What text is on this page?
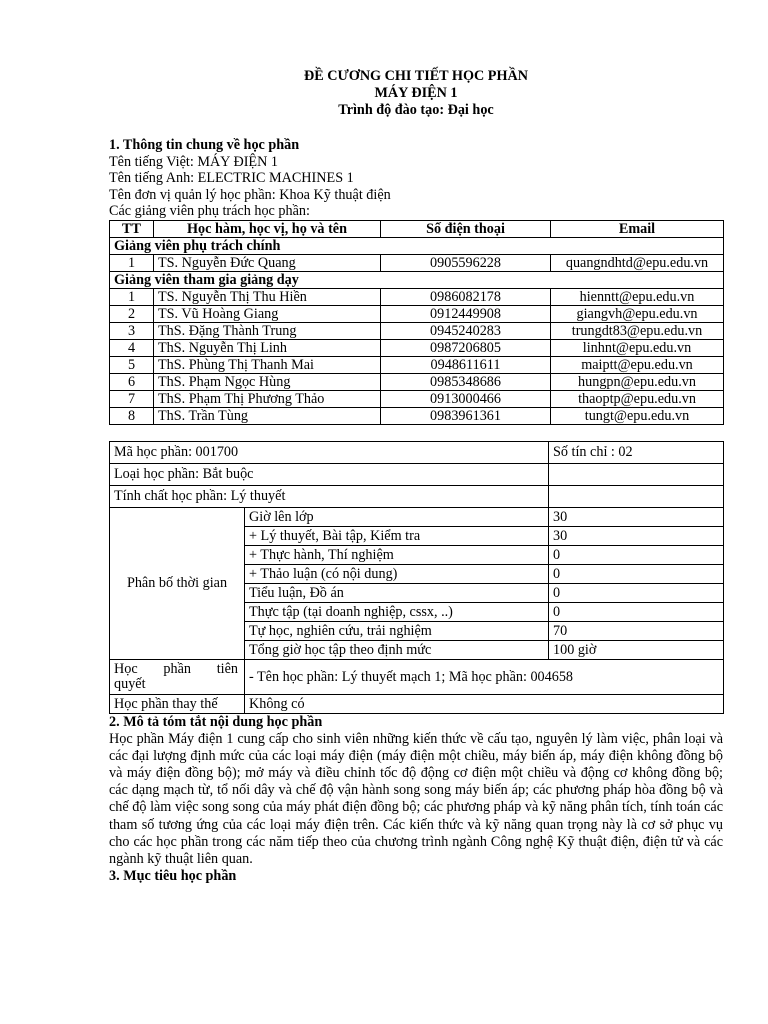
ĐỀ CƯƠNG CHI TIẾT HỌC PHẦN
MÁY ĐIỆN 1
Trình độ đào tạo: Đại học
1. Thông tin chung về học phần
Tên tiếng Việt: MÁY ĐIỆN 1
Tên tiếng Anh: ELECTRIC MACHINES 1
Tên đơn vị quản lý học phần: Khoa Kỹ thuật điện
Các giảng viên phụ trách học phần:
TT	Học hàm, học vị, họ và tên	Số điện thoại	Email
Giảng viên phụ trách chính			
1	TS. Nguyễn Đức Quang	0905596228	quangndhtd@epu.edu.vn
Giảng viên tham gia giảng dạy			
1	TS. Nguyễn Thị Thu Hiền	0986082178	hienntt@epu.edu.vn
2	TS. Vũ Hoàng Giang	0912449908	giangvh@epu.edu.vn
3	ThS. Đặng Thành Trung	0945240283	trungdt83@epu.edu.vn
4	ThS. Nguyễn Thị Linh	0987206805	linhnt@epu.edu.vn
5	ThS. Phùng Thị Thanh Mai	0948611611	maiptt@epu.edu.vn
6	ThS. Phạm Ngọc Hùng	0985348686	hungpn@epu.edu.vn
7	ThS. Phạm Thị Phương Thảo	0913000466	thaoptp@epu.edu.vn
8	ThS. Trần Tùng	0983961361	tungt@epu.edu.vn
Mã học phần: 001700		Số tín chỉ : 02
Loại học phần: Bắt buộc		
Tính chất học phần: Lý thuyết		
Phân bố thời gian	Giờ lên lớp	30
	+ Lý thuyết, Bài tập, Kiểm tra	30
	+ Thực hành, Thí nghiệm	0
	+ Thảo luận (có nội dung)	0
	Tiểu luận, Đồ án	0
	Thực tập (tại doanh nghiệp, cssx, ..)	0
	Tự học, nghiên cứu, trải nghiệm	70
	Tổng giờ học tập theo định mức	100 giờ

Học phần tiên
quyết	- Tên học phần: Lý thuyết mạch 1; Mã học phần: 004658	
Học phần thay thế	Không có	
2. Mô tả tóm tắt nội dung học phần
Học phần Máy điện 1 cung cấp cho sinh viên những kiến thức về cấu tạo, nguyên lý làm việc, phân loại và các đại lượng định mức của các loại máy điện (máy điện một chiều, máy biến áp, máy điện không đồng bộ và máy điện đồng bộ); mở máy và điều chỉnh tốc độ động cơ điện một chiều và động cơ không đồng bộ; các dạng mạch từ, tổ nối dây và chế độ vận hành song song máy biến áp; các phương pháp hòa đồng bộ và chế độ làm việc song song của máy phát điện đồng bộ; các phương pháp và kỹ năng phân tích, tính toán các tham số tương ứng của các loại máy điện trên. Các kiến thức và kỹ năng quan trọng này là cơ sở phục vụ cho các học phần trong các năm tiếp theo của chương trình ngành Công nghệ Kỹ thuật điện, điện tử và các ngành kỹ thuật liên quan.
3. Mục tiêu học phần
